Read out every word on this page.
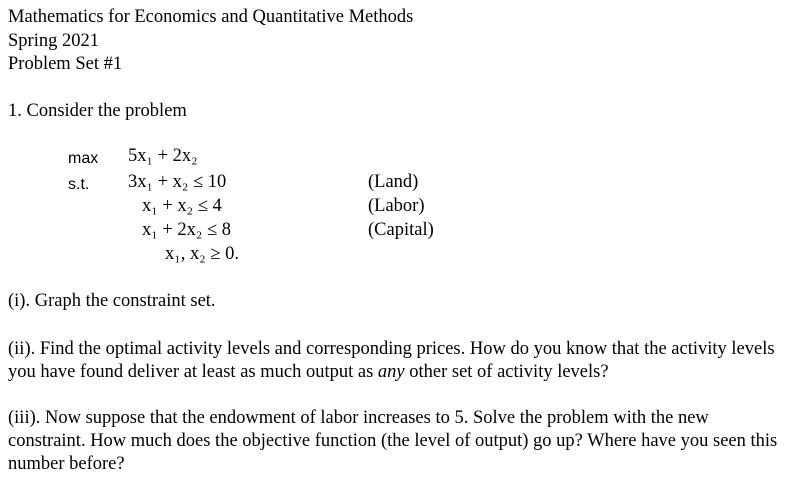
Mathematics for Economics and Quantitative Methods
Spring 2021
Problem Set #1
1. Consider the problem
max
s.t.
5x₁ + 2x₂
3x₁ + x₂ ≤ 10
x₁ + x₂ ≤ 4
x₁ + 2x₂ ≤ 8
x₁, x₂ ≥ 0.
(Land)
(Labor)
(Capital)
(i). Graph the constraint set.
(ii). Find the optimal activity levels and corresponding prices. How do you know that the activity levels you have found deliver at least as much output as any other set of activity levels?
(iii). Now suppose that the endowment of labor increases to 5. Solve the problem with the new constraint. How much does the objective function (the level of output) go up? Where have you seen this number before?
